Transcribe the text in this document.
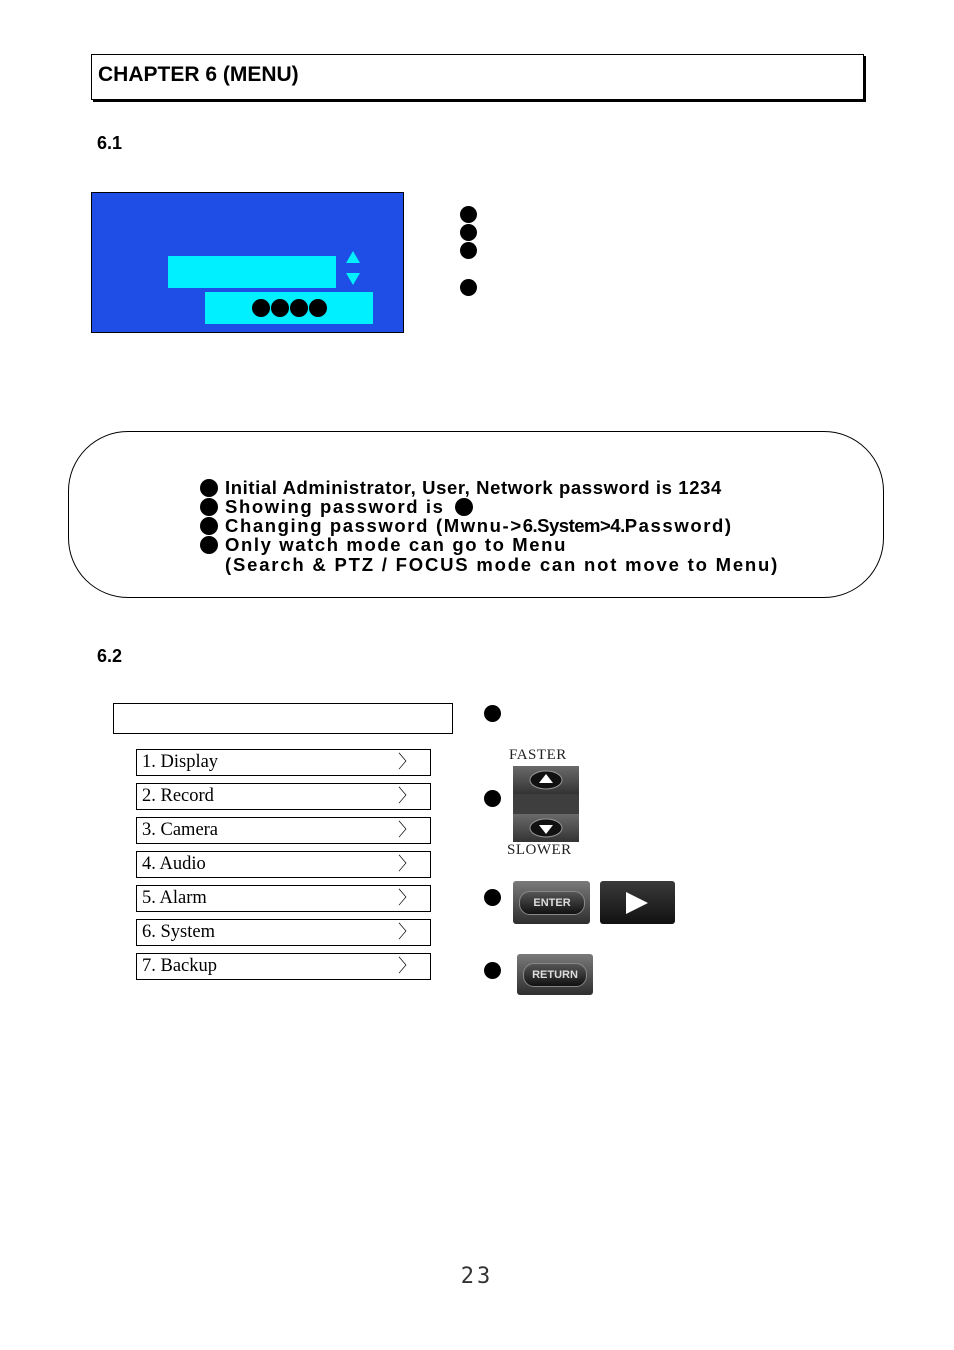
CHAPTER 6 (MENU)
6.1
Initial Administrator, User, Network password is 1234
Showing password is
Changing password (Mwnu-> 6.System >4. Password)
Only watch mode can go to Menu
(Search & PTZ / FOCUS mode can not move to Menu)
6.2
1. Display	〉
2. Record	〉
3. Camera	〉
4. Audio	〉
5. Alarm	〉
6. System	〉
7. Backup	〉
FASTER
SLOWER
ENTER
RETURN
23
